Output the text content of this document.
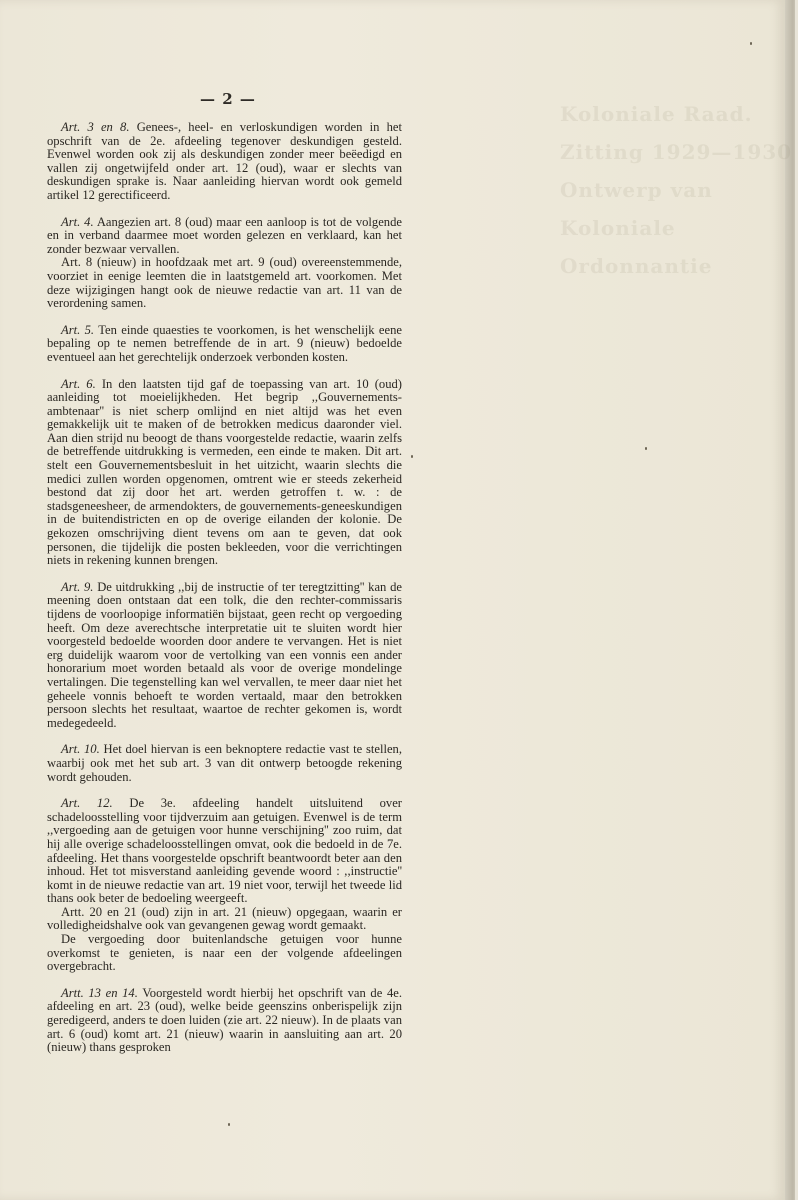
Koloniale Raad.
Zitting 1929—1930
Ontwerp van Koloniale
Ordonnantie
— 2 —

Art. 3 en 8. Genees-, heel- en verloskundigen worden in het opschrift van de 2e. afdeeling tegenover deskundigen gesteld. Evenwel worden ook zij als deskundigen zonder meer beëedigd en vallen zij ongetwijfeld onder art. 12 (oud), waar er slechts van deskundigen sprake is. Naar aanleiding hiervan wordt ook gemeld artikel 12 gerectificeerd.

Art. 4. Aangezien art. 8 (oud) maar een aanloop is tot de volgende en in verband daarmee moet worden gelezen en verklaard, kan het zonder bezwaar vervallen.

Art. 8 (nieuw) in hoofdzaak met art. 9 (oud) overeenstemmende, voorziet in eenige leemten die in laatstgemeld art. voorkomen. Met deze wijzigingen hangt ook de nieuwe redactie van art. 11 van de verordening samen.

Art. 5. Ten einde quaesties te voorkomen, is het wenschelijk eene bepaling op te nemen betreffende de in art. 9 (nieuw) bedoelde eventueel aan het gerechtelijk onderzoek verbonden kosten.

Art. 6. In den laatsten tijd gaf de toepassing van art. 10 (oud) aanleiding tot moeielijkheden. Het begrip ,,Gouvernements-ambtenaar'' is niet scherp omlijnd en niet altijd was het even gemakkelijk uit te maken of de betrokken medicus daaronder viel. Aan dien strijd nu beoogt de thans voorgestelde redactie, waarin zelfs de betreffende uitdrukking is vermeden, een einde te maken. Dit art. stelt een Gouvernementsbesluit in het uitzicht, waarin slechts die medici zullen worden opgenomen, omtrent wie er steeds zekerheid bestond dat zij door het art. werden getroffen t. w. : de stadsgeneesheer, de armendokters, de gouvernements-geneeskundigen in de buitendistricten en op de overige eilanden der kolonie. De gekozen omschrijving dient tevens om aan te geven, dat ook personen, die tijdelijk die posten bekleeden, voor die verrichtingen niets in rekening kunnen brengen.

Art. 9. De uitdrukking ,,bij de instructie of ter teregtzitting'' kan de meening doen ontstaan dat een tolk, die den rechter-commissaris tijdens de voorloopige informatiën bijstaat, geen recht op vergoeding heeft. Om deze averechtsche interpretatie uit te sluiten wordt hier voorgesteld bedoelde woorden door andere te vervangen. Het is niet erg duidelijk waarom voor de vertolking van een vonnis een ander honorarium moet worden betaald als voor de overige mondelinge vertalingen. Die tegenstelling kan wel vervallen, te meer daar niet het geheele vonnis behoeft te worden vertaald, maar den betrokken persoon slechts het resultaat, waartoe de rechter gekomen is, wordt medegedeeld.

Art. 10. Het doel hiervan is een beknoptere redactie vast te stellen, waarbij ook met het sub art. 3 van dit ontwerp betoogde rekening wordt gehouden.

Art. 12. De 3e. afdeeling handelt uitsluitend over schadeloosstelling voor tijdverzuim aan getuigen. Evenwel is de term ,,vergoeding aan de getuigen voor hunne verschijning'' zoo ruim, dat hij alle overige schadeloosstellingen omvat, ook die bedoeld in de 7e. afdeeling. Het thans voorgestelde opschrift beantwoordt beter aan den inhoud. Het tot misverstand aanleiding gevende woord : ,,instructie'' komt in de nieuwe redactie van art. 19 niet voor, terwijl het tweede lid thans ook beter de bedoeling weergeeft.

Artt. 20 en 21 (oud) zijn in art. 21 (nieuw) opgegaan, waarin er volledigheidshalve ook van gevangenen gewag wordt gemaakt.

De vergoeding door buitenlandsche getuigen voor hunne overkomst te genieten, is naar een der volgende afdeelingen overgebracht.

Artt. 13 en 14. Voorgesteld wordt hierbij het opschrift van de 4e. afdeeling en art. 23 (oud), welke beide geenszins onberispelijk zijn geredigeerd, anders te doen luiden (zie art. 22 nieuw). In de plaats van art. 6 (oud) komt art. 21 (nieuw) waarin in aansluiting aan art. 20 (nieuw) thans gesproken
